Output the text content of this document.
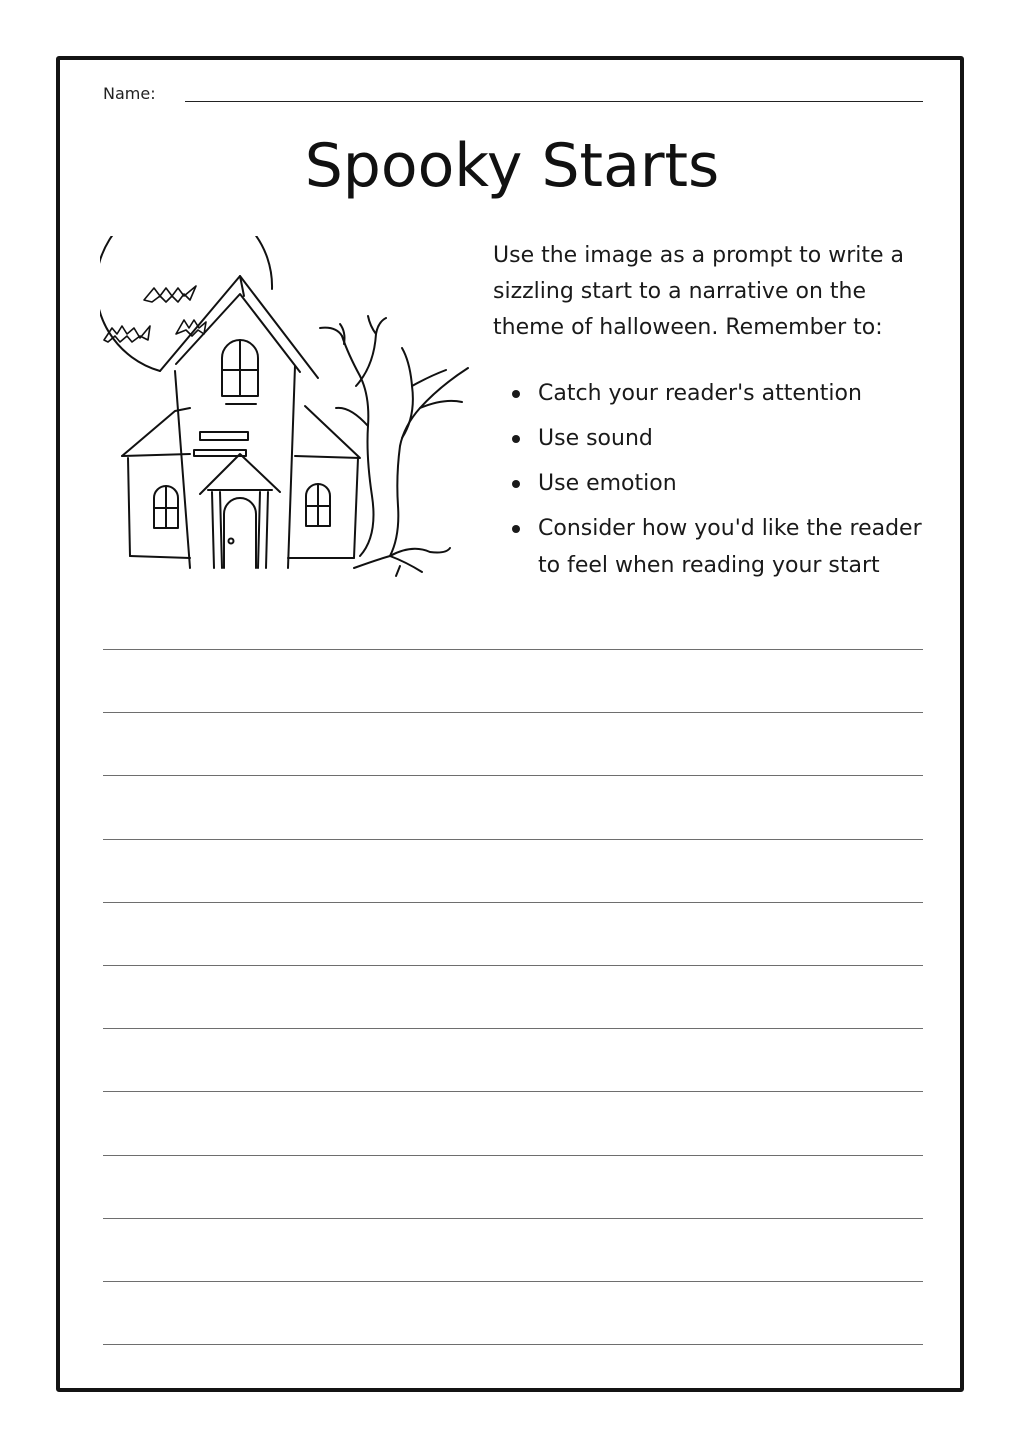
Name:
Spooky Starts

Use the image as a prompt to write a sizzling start to a narrative on the theme of halloween. Remember to:

Catch your reader's attention
Use sound
Use emotion
Consider how you'd like the reader to feel when reading your start
